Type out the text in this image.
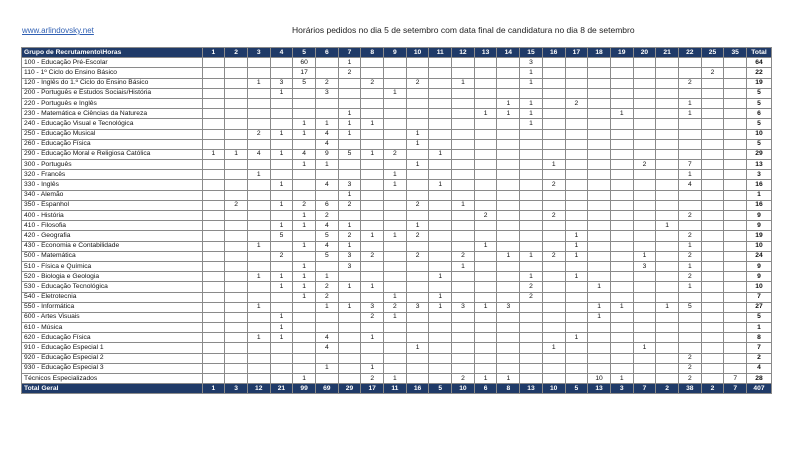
www.arlindovsky.net	Horários pedidos no dia 5 de setembro com data final de candidatura no dia 8 de setembro
Grupo de Recrutamento\Horas	1	2	3	4	5	6	7	8	9	10	11	12	13	14	15	16	17	18	19	20	21	22	25	35	Total
100 - Educação Pré-Escolar					60		1								3										64
110 - 1º Ciclo do Ensino Básico					17		2								1								2		22
120 - Inglês do 1.º Ciclo do Ensino Básico			1	3	5	2		2		2		1			1							2			19
200 - Português e Estudos Sociais/História				1		3			1																5
220 - Português e Inglês														1	1		2					1			5
230 - Matemática e Ciências da Natureza							1						1	1	1				1			1			6
240 - Educação Visual e Tecnológica					1	1	1	1							1										5
250 - Educação Musical			2	1	1	4	1			1															10
260 - Educação Física						4				1															5
290 - Educação Moral e Religiosa Católica	1	1	4	1	4	9	5	1	2		1														29
300 - Português					1	1				1						1				2		7			13
320 - Francês			1						1													1			3
330 - Inglês				1		4	3		1		1					2						4			16
340 - Alemão							1																		1
350 - Espanhol		2		1	2	6	2			2		1													16
400 - História					1	2							2			2						2			9
410 - Filosofia				1	1	4	1			1											1				9
420 - Geografia				5		5	2	1	1	2							1					2			19
430 - Economia e Contabilidade			1		1	4	1						1				1					1			10
500 - Matemática				2		5	3	2		2		2		1	1	2	1			1		2			24
510 - Física e Química					1		3					1								3		1			9
520 - Biologia e Geologia			1	1	1	1					1				1		1					2			9
530 - Educação Tecnológica				1	1	2	1	1							2			1				1			10
540 - Eletrotecnia					1	2			1		1				2										7
550 - Informática			1			1	1	3	2	3	1	3	1	3				1	1		1	5			27
600 - Artes Visuais				1				2	1									1							5
610 - Música				1																					1
620 - Educação Física			1	1		4		1									1								8
910 - Educação Especial 1						4				1						1				1					7
920 - Educação Especial 2																						2			2
930 - Educação Especial 3						1		1														2			4
Técnicos Especializados					1			2	1			2	1	1				10	1			2		7	28
Total Geral	1	3	12	21	99	69	29	17	11	16	5	10	6	8	13	10	5	13	3	7	2	38	2	7	407
